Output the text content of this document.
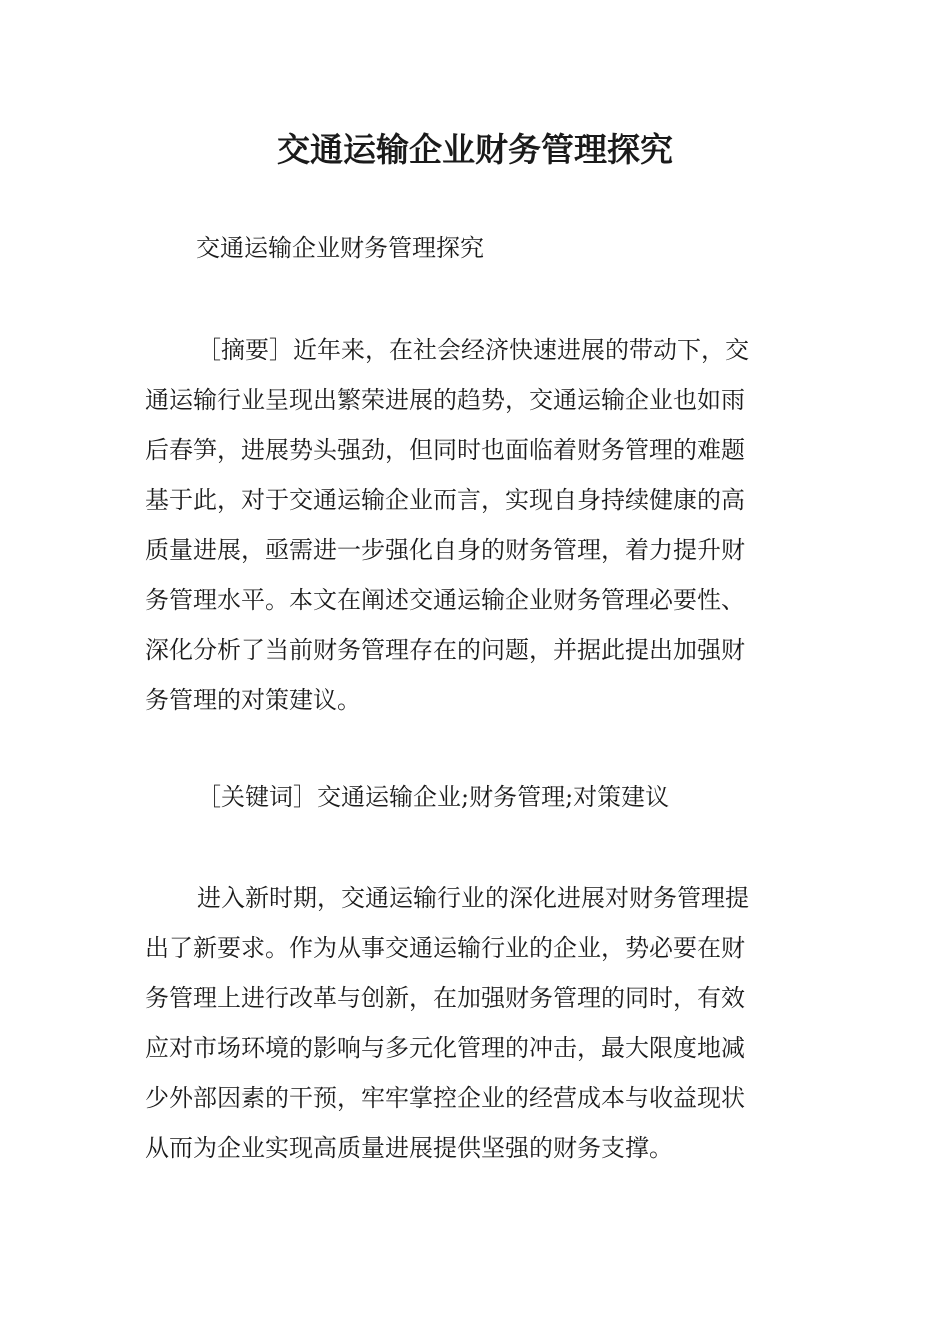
交通运输企业财务管理探究

交通运输企业财务管理探究

［摘要］近年来，在社会经济快速进展的带动下，交
通运输行业呈现出繁荣进展的趋势，交通运输企业也如雨
后春笋，进展势头强劲，但同时也面临着财务管理的难题
基于此，对于交通运输企业而言，实现自身持续健康的高
质量进展，亟需进一步强化自身的财务管理，着力提升财
务管理水平。本文在阐述交通运输企业财务管理必要性、
深化分析了当前财务管理存在的问题，并据此提出加强财
务管理的对策建议。

［关键词］交通运输企业;财务管理;对策建议

进入新时期，交通运输行业的深化进展对财务管理提
出了新要求。作为从事交通运输行业的企业，势必要在财
务管理上进行改革与创新，在加强财务管理的同时，有效
应对市场环境的影响与多元化管理的冲击，最大限度地减
少外部因素的干预，牢牢掌控企业的经营成本与收益现状
从而为企业实现高质量进展提供坚强的财务支撑。
